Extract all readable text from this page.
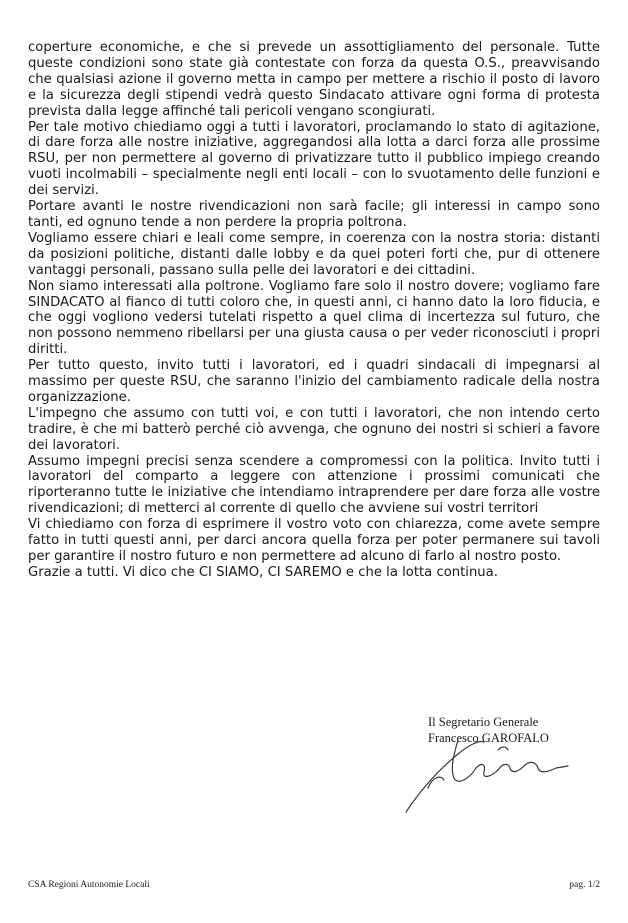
coperture economiche, e che si prevede un assottigliamento del personale. Tutte queste condizioni sono state già contestate con forza da questa O.S., preavvisando che qualsiasi azione il governo metta in campo per mettere a rischio il posto di lavoro e la sicurezza degli stipendi vedrà questo Sindacato attivare ogni forma di protesta prevista dalla legge affinché tali pericoli vengano scongiurati.

Per tale motivo chiediamo oggi a tutti i lavoratori, proclamando lo stato di agitazione, di dare forza alle nostre iniziative, aggregandosi alla lotta a darci forza alle prossime RSU, per non permettere al governo di privatizzare tutto il pubblico impiego creando vuoti incolmabili – specialmente negli enti locali – con lo svuotamento delle funzioni e dei servizi.

Portare avanti le nostre rivendicazioni non sarà facile; gli interessi in campo sono tanti, ed ognuno tende a non perdere la propria poltrona.

Vogliamo essere chiari e leali come sempre, in coerenza con la nostra storia: distanti da posizioni politiche, distanti dalle lobby e da quei poteri forti che, pur di ottenere vantaggi personali, passano sulla pelle dei lavoratori e dei cittadini.

Non siamo interessati alla poltrone. Vogliamo fare solo il nostro dovere; vogliamo fare SINDACATO al fianco di tutti coloro che, in questi anni, ci hanno dato la loro fiducia, e che oggi vogliono vedersi tutelati rispetto a quel clima di incertezza sul futuro, che non possono nemmeno ribellarsi per una giusta causa o per veder riconosciuti i propri diritti.

Per tutto questo, invito tutti i lavoratori, ed i quadri sindacali di impegnarsi al massimo per queste RSU, che saranno l'inizio del cambiamento radicale della nostra organizzazione.

L'impegno che assumo con tutti voi, e con tutti i lavoratori, che non intendo certo tradire, è che mi batterò perché ciò avvenga, che ognuno dei nostri si schieri a favore dei lavoratori.

Assumo impegni precisi senza scendere a compromessi con la politica. Invito tutti i lavoratori del comparto a leggere con attenzione i prossimi comunicati che riporteranno tutte le iniziative che intendiamo intraprendere per dare forza alle vostre rivendicazioni; di metterci al corrente di quello che avviene sui vostri territori

Vi chiediamo con forza di esprimere il vostro voto con chiarezza, come avete sempre fatto in tutti questi anni, per darci ancora quella forza per poter permanere sui tavoli per garantire il nostro futuro e non permettere ad alcuno di farlo al nostro posto.

Grazie a tutti. Vi dico che CI SIAMO, CI SAREMO e che la lotta continua.

Il Segretario Generale
Francesco GAROFALO
CSA Regioni Autonomie Locali	pag. 1/2
